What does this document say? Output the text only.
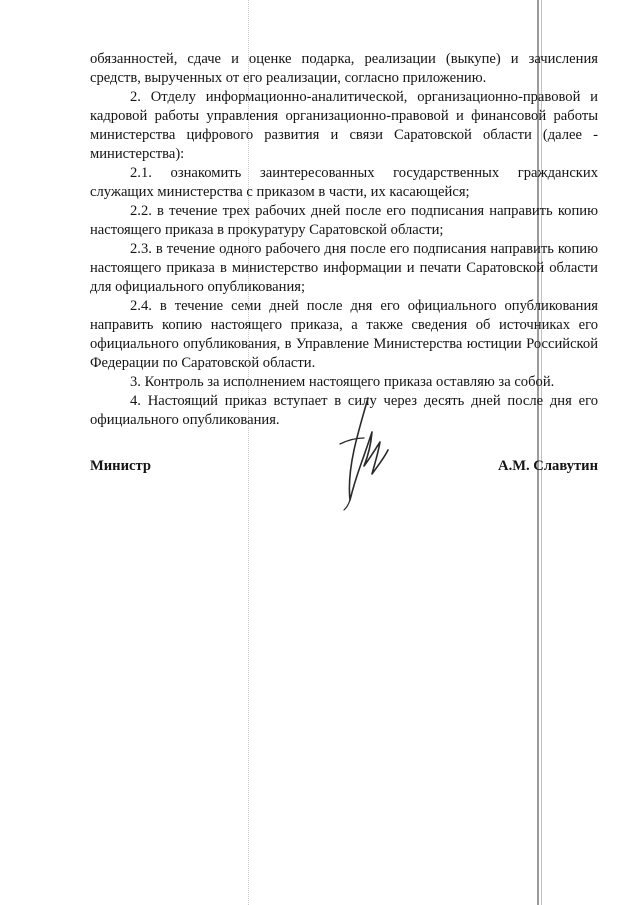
обязанностей, сдаче и оценке подарка, реализации (выкупе) и зачисления средств, вырученных от его реализации, согласно приложению.

2. Отделу информационно-аналитической, организационно-правовой и кадровой работы управления организационно-правовой и финансовой работы министерства цифрового развития и связи Саратовской области (далее - министерства):

2.1. ознакомить заинтересованных государственных гражданских служащих министерства с приказом в части, их касающейся;

2.2. в течение трех рабочих дней после его подписания направить копию настоящего приказа в прокуратуру Саратовской области;

2.3. в течение одного рабочего дня после его подписания направить копию настоящего приказа в министерство информации и печати Саратовской области для официального опубликования;

2.4. в течение семи дней после дня его официального опубликования направить копию настоящего приказа, а также сведения об источниках его официального опубликования, в Управление Министерства юстиции Российской Федерации по Саратовской области.

3. Контроль за исполнением настоящего приказа оставляю за собой.

4. Настоящий приказ вступает в силу через десять дней после дня его официального опубликования.

Министр	А.М. Славутин
